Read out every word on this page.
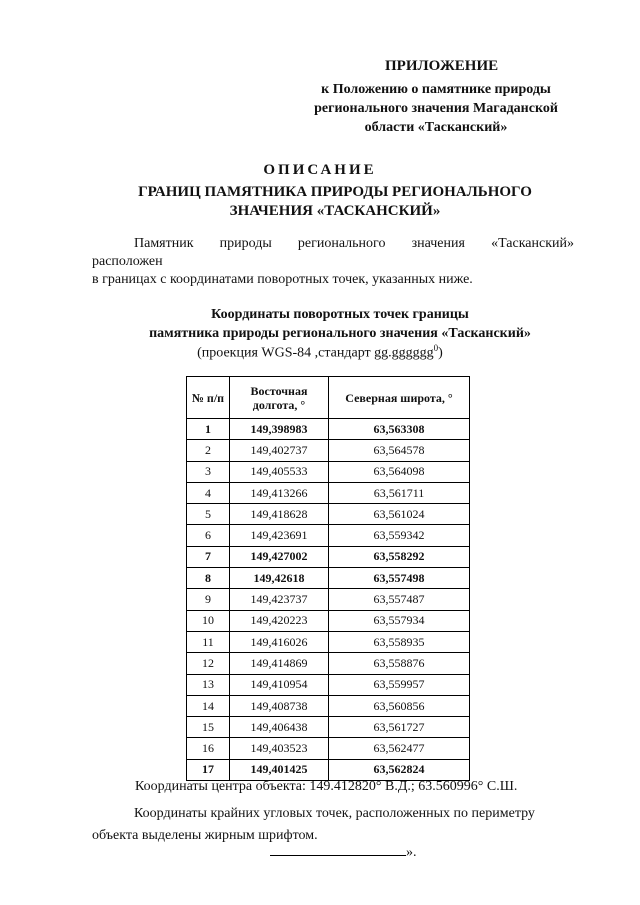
ПРИЛОЖЕНИЕ
к Положению о памятнике природы
регионального значения Магаданской
области «Тасканский»
ОПИСАНИЕ
ГРАНИЦ ПАМЯТНИКА ПРИРОДЫ РЕГИОНАЛЬНОГО
ЗНАЧЕНИЯ «ТАСКАНСКИЙ»
Памятник природы регионального значения «Тасканский»
расположен
в границах с координатами поворотных точек, указанных ниже.
Координаты поворотных точек границы
памятника природы регионального значения «Тасканский»
(проекция WGS-84 ,стандарт gg.gggggg$^0$)
№ п/п	Восточная долгота, °	Северная широта, °
1	149,398983	63,563308
2	149,402737	63,564578
3	149,405533	63,564098
4	149,413266	63,561711
5	149,418628	63,561024
6	149,423691	63,559342
7	149,427002	63,558292
8	149,42618	63,557498
9	149,423737	63,557487
10	149,420223	63,557934
11	149,416026	63,558935
12	149,414869	63,558876
13	149,410954	63,559957
14	149,408738	63,560856
15	149,406438	63,561727
16	149,403523	63,562477
17	149,401425	63,562824
Координаты центра объекта: 149.412820° В.Д.; 63.560996° С.Ш.
Координаты крайних угловых точек, расположенных по периметру объекта выделены жирным шрифтом.
».
